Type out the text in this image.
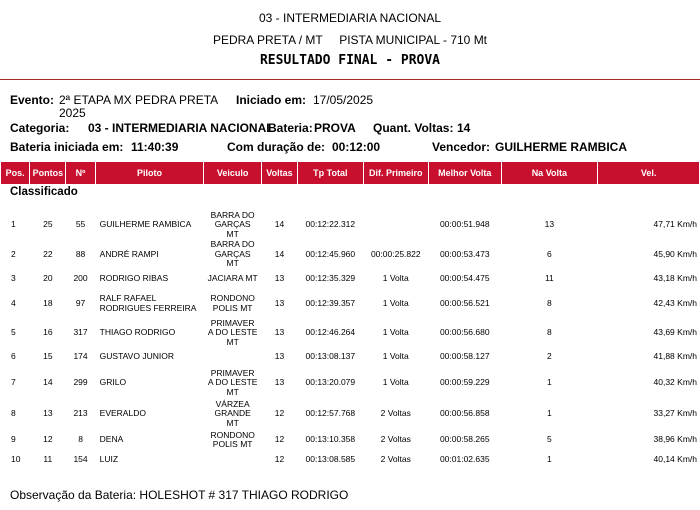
03 - INTERMEDIARIA NACIONAL
PEDRA PRETA / MT     PISTA MUNICIPAL - 710 Mt
RESULTADO FINAL - PROVA
Evento: 2ª ETAPA MX PEDRA PRETA
2025
Iniciado em: 17/05/2025
Categoria: 03 - INTERMEDIARIA NACIONAL
Bateria: PROVA Quant. Voltas: 14
Bateria iniciada em: 11:40:39	Com duração de: 00:12:00	Vencedor: GUILHERME RAMBICA
Pos.	Pontos	Nº	Piloto	Veiculo	Voltas	Tp Total	Dif. Primeiro	Melhor Volta	Na Volta	Vel.
Classificado
1	25	55	GUILHERME RAMBICA	BARRA DO GARÇAS MT	14	00:12:22.312		00:00:51.948	13	47,71 Km/h
2	22	88	ANDRÉ RAMPI	BARRA DO GARÇAS MT	14	00:12:45.960	00:00:25.822	00:00:53.473	6	45,90 Km/h
3	20	200	RODRIGO RIBAS	JACIARA MT	13	00:12:35.329	1 Volta	00:00:54.475	11	43,18 Km/h
4	18	97	RALF RAFAEL RODRIGUES FERREIRA	RONDONO POLIS MT	13	00:12:39.357	1 Volta	00:00:56.521	8	42,43 Km/h
5	16	317	THIAGO RODRIGO	PRIMAVER A DO LESTE MT	13	00:12:46.264	1 Volta	00:00:56.680	8	43,69 Km/h
6	15	174	GUSTAVO JUNIOR		13	00:13:08.137	1 Volta	00:00:58.127	2	41,88 Km/h
7	14	299	GRILO	PRIMAVER A DO LESTE MT	13	00:13:20.079	1 Volta	00:00:59.229	1	40,32 Km/h
8	13	213	EVERALDO	VÁRZEA GRANDE MT	12	00:12:57.768	2 Voltas	00:00:56.858	1	33,27 Km/h
9	12	8	DENA	RONDONO POLIS MT	12	00:13:10.358	2 Voltas	00:00:58.265	5	38,96 Km/h
10	11	154	LUIZ		12	00:13:08.585	2 Voltas	00:01:02.635	1	40,14 Km/h
Observação da Bateria: HOLESHOT # 317 THIAGO RODRIGO
